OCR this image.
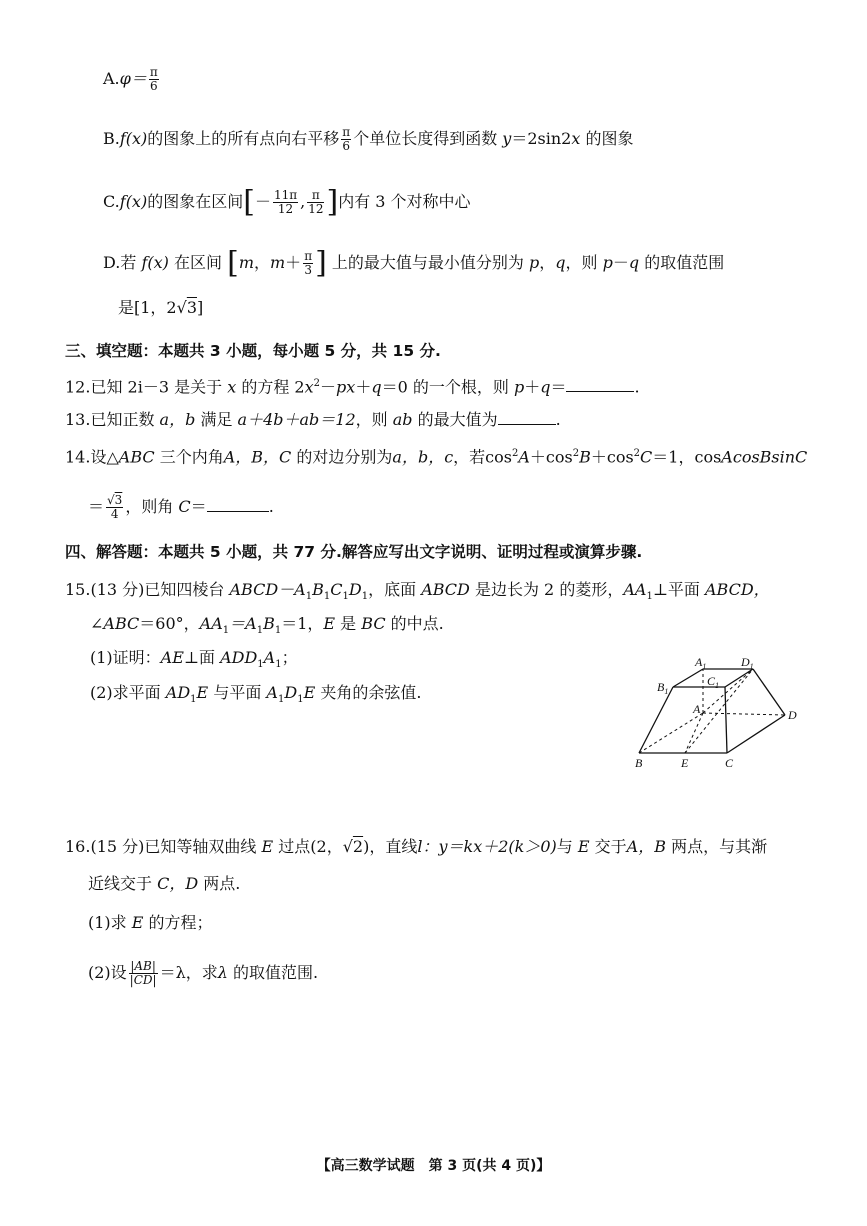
$A.\varphi= \frac{\pi}{6}$
B.f(x)的图象上的所有点向右平移 $\frac{\pi}{6}$ 个单位长度得到函数 y＝2sin2x 的图象
C.f(x)的图象在区间[－ $\frac{11\pi}{12}$ , $\frac{\pi}{12}$ ]内有 3 个对称中心
D.若 f(x) 在区间 [m，$m+ \frac{\pi}{3}$ ] 上的最大值与最小值分别为 p，q，则 p－q 的取值范围
是[1，2√3]
三、填空题：本题共 3 小题，每小题 5 分，共 15 分.
12.已知 2i－3 是关于 x 的方程 $2x^2-px+q=0$ 的一个根，则 p＋q＝	.
13.已知正数 a，b 满足 a＋4b＋ab＝12，则 ab 的最大值为	.
14.设△ABC 三个内角A，B，C 的对边分别为a，b，c，若$\cos^2A+\cos^2B+\cos^2C=1$，cosAcosBsinC
＝ $\frac{√3}{4}$ ，则角 C＝	.
四、解答题：本题共 5 小题，共 77 分.解答应写出文字说明、证明过程或演算步骤.
15.(13 分)已知四棱台 $ABCD-A_1B_1C_1D_1$，底面 ABCD 是边长为 2 的菱形，$AA_1\perp$平面 ABCD，
∠ABC＝60°，$AA_1=A_1B_1=1$，E 是 BC 的中点.
(1)证明：AE⊥面 $ADD_1A_1$；
(2)求平面 $AD_1E$ 与平面 $A_1D_1E$ 夹角的余弦值.
$A_1$	$D_1$
$B_1$
$C_1$
A	D
B	E	C
16.(15 分)已知等轴双曲线 E 过点(2，√2)，直线l：y＝kx＋2(k＞0)与 E 交于A，B 两点，与其渐
近线交于 C，D 两点.
(1)求 E 的方程；
(2)设 $\frac{|AB|}{|CD|} =\lambda$，求λ 的取值范围.
【高三数学试题　第 3 页(共 4 页)】
